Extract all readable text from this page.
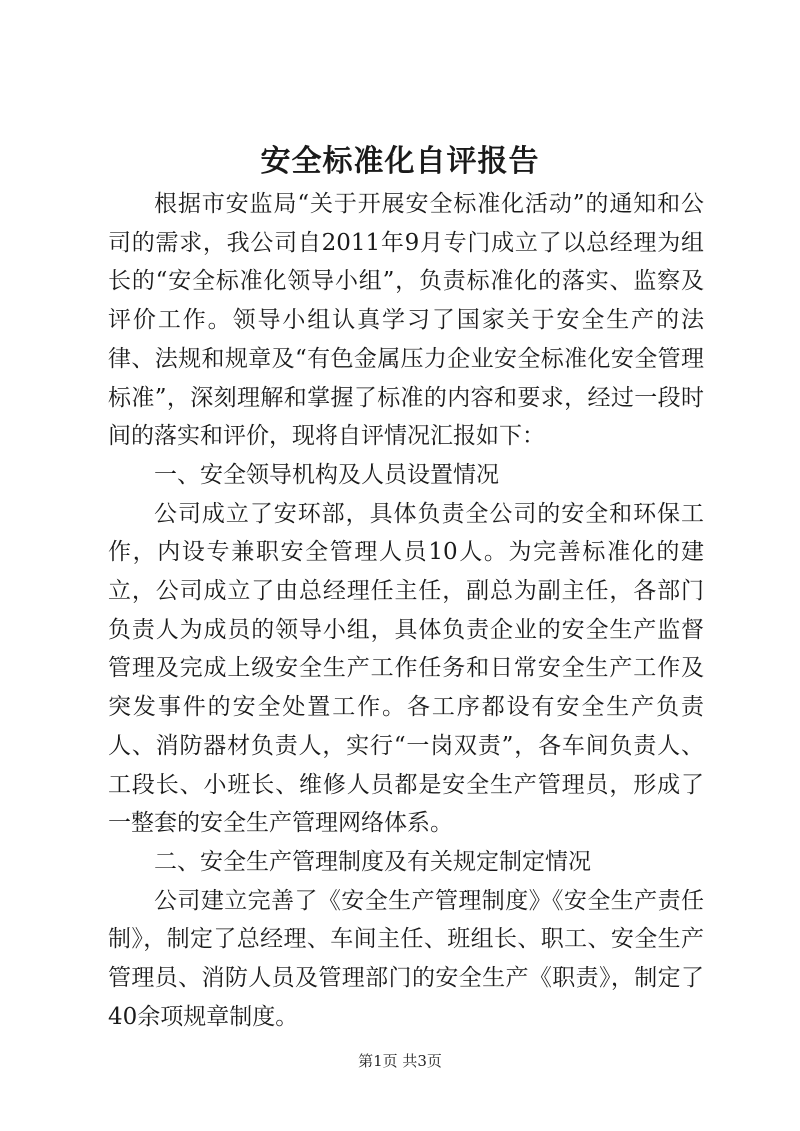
安全标准化自评报告

根据市安监局“关于开展安全标准化活动”的通知和公司的需求，我公司自2011年9月专门成立了以总经理为组长的“安全标准化领导小组”，负责标准化的落实、监察及评价工作。领导小组认真学习了国家关于安全生产的法律、法规和规章及“有色金属压力企业安全标准化安全管理标准”，深刻理解和掌握了标准的内容和要求，经过一段时间的落实和评价，现将自评情况汇报如下：

一、安全领导机构及人员设置情况

公司成立了安环部，具体负责全公司的安全和环保工作，内设专兼职安全管理人员10人。为完善标准化的建立，公司成立了由总经理任主任，副总为副主任，各部门负责人为成员的领导小组，具体负责企业的安全生产监督管理及完成上级安全生产工作任务和日常安全生产工作及突发事件的安全处置工作。各工序都设有安全生产负责人、消防器材负责人，实行“一岗双责”，各车间负责人、工段长、小班长、维修人员都是安全生产管理员，形成了一整套的安全生产管理网络体系。

二、安全生产管理制度及有关规定制定情况

公司建立完善了《安全生产管理制度》《安全生产责任制》，制定了总经理、车间主任、班组长、职工、安全生产管理员、消防人员及管理部门的安全生产《职责》，制定了40余项规章制度。

第1页 共3页
